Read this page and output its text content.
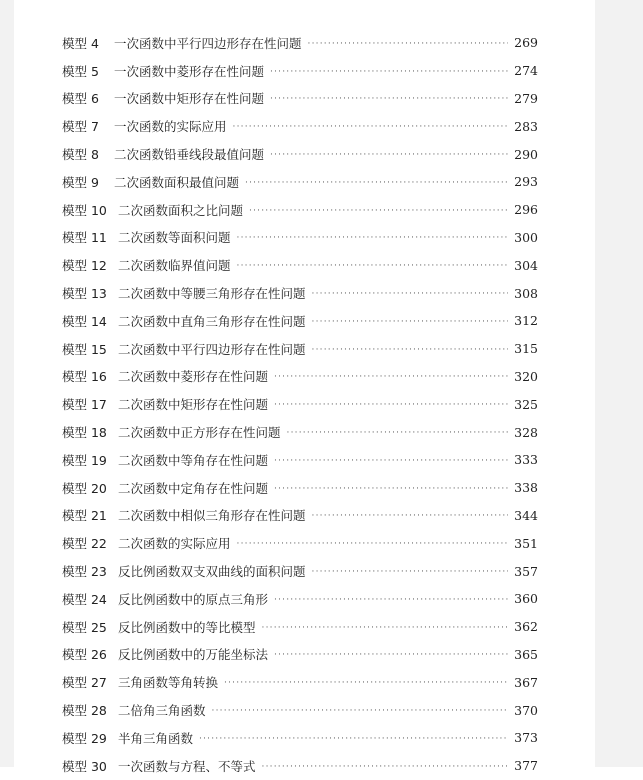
模型 4	一次函数中平行四边形存在性问题 ·····	269
模型 5	一次函数中菱形存在性问题 ·····	274
模型 6	一次函数中矩形存在性问题 ·····	279
模型 7	一次函数的实际应用 ·····	283
模型 8	二次函数铅垂线段最值问题 ·····	290
模型 9	二次函数面积最值问题 ·····	293
模型 10 二次函数面积之比问题 ·····	296
模型 11 二次函数等面积问题 ·····	300
模型 12 二次函数临界值问题 ·····	304
模型 13 二次函数中等腰三角形存在性问题 ·····	308
模型 14 二次函数中直角三角形存在性问题 ·····	312
模型 15 二次函数中平行四边形存在性问题 ·····	315
模型 16 二次函数中菱形存在性问题 ·····	320
模型 17 二次函数中矩形存在性问题 ·····	325
模型 18 二次函数中正方形存在性问题 ·····	328
模型 19 二次函数中等角存在性问题 ·····	333
模型 20 二次函数中定角存在性问题 ·····	338
模型 21 二次函数中相似三角形存在性问题 ·····	344
模型 22 二次函数的实际应用 ·····	351
模型 23 反比例函数双支双曲线的面积问题 ·····	357
模型 24 反比例函数中的原点三角形 ·····	360
模型 25 反比例函数中的等比模型 ·····	362
模型 26 反比例函数中的万能坐标法 ·····	365
模型 27 三角函数等角转换 ·····	367
模型 28 二倍角三角函数 ·····	370
模型 29 半角三角函数 ·····	373
模型 30 一次函数与方程、不等式 ·····	377
